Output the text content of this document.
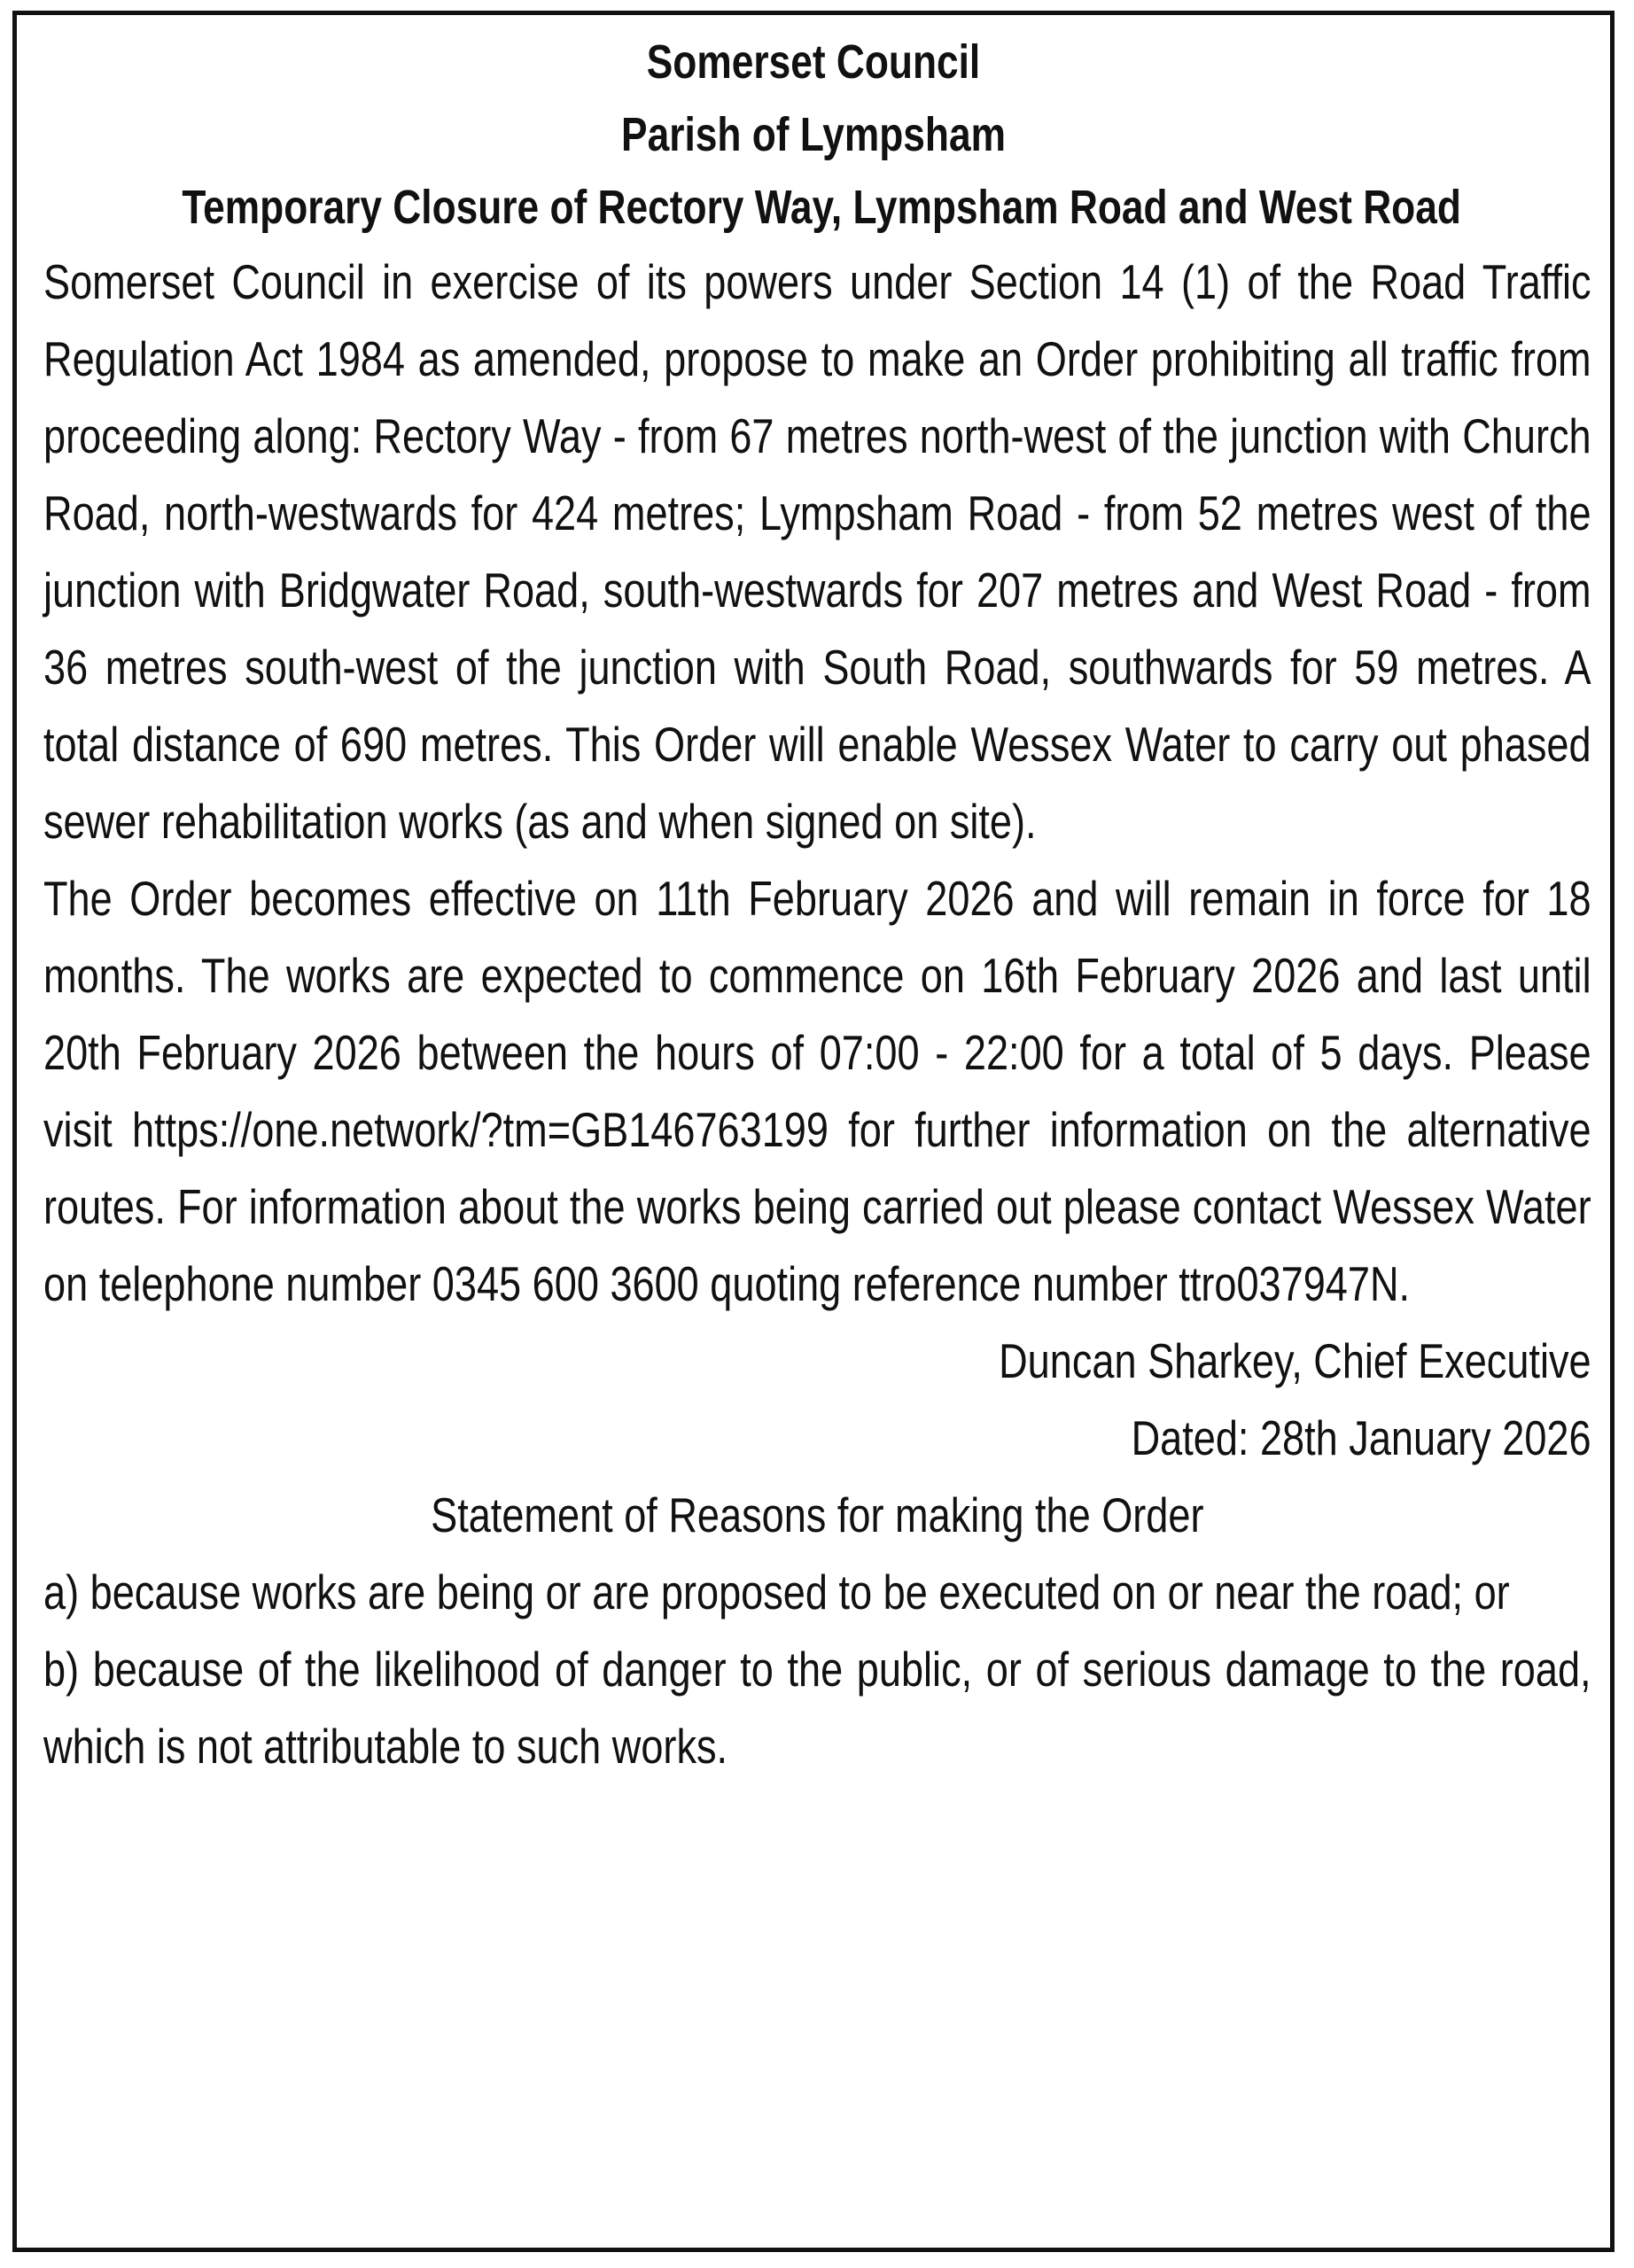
Somerset Council

Parish of Lympsham

Temporary Closure of Rectory Way, Lympsham Road and West Road

Somerset Council in exercise of its powers under Section 14 (1) of the Road Traffic Regulation Act 1984 as amended, propose to make an Order prohibiting all traffic from proceeding along: Rectory Way - from 67 metres north-west of the junction with Church Road, north-westwards for 424 metres; Lympsham Road - from 52 metres west of the junction with Bridgwater Road, south-westwards for 207 metres and West Road - from 36 metres south-west of the junction with South Road, southwards for 59 metres. A total distance of 690 metres. This Order will enable Wessex Water to carry out phased sewer rehabilitation works (as and when signed on site).

The Order becomes effective on 11th February 2026 and will remain in force for 18 months. The works are expected to commence on 16th February 2026 and last until 20th February 2026 between the hours of 07:00 - 22:00 for a total of 5 days. Please visit https://one.network/?tm=GB146763199 for further information on the alternative routes. For information about the works being carried out please contact Wessex Water on telephone number 0345 600 3600 quoting reference number ttro037947N.

Duncan Sharkey, Chief Executive

Dated: 28th January 2026

Statement of Reasons for making the Order

a) because works are being or are proposed to be executed on or near the road; or

b) because of the likelihood of danger to the public, or of serious damage to the road, which is not attributable to such works.
